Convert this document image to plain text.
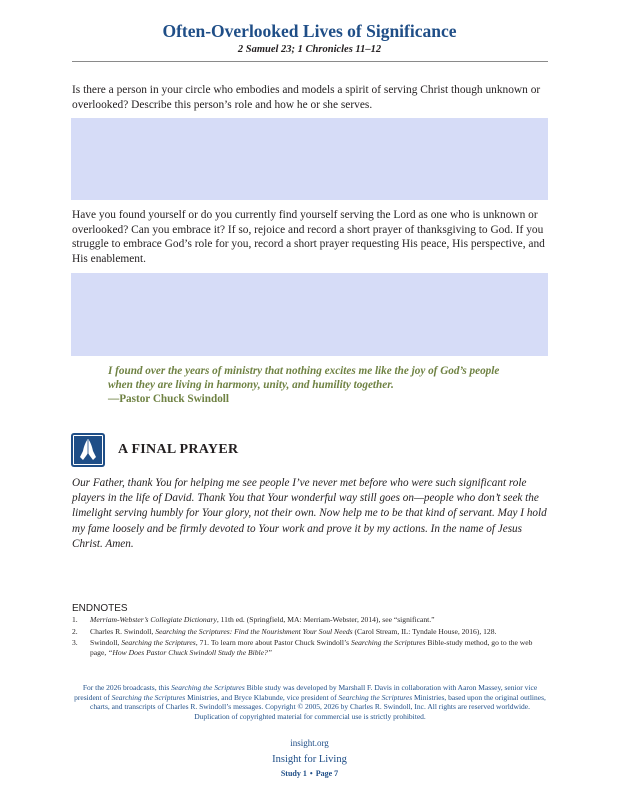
Often-Overlooked Lives of Significance
2 Samuel 23; 1 Chronicles 11–12
Is there a person in your circle who embodies and models a spirit of serving Christ though unknown or overlooked? Describe this person’s role and how he or she serves.
Have you found yourself or do you currently find yourself serving the Lord as one who is unknown or overlooked? Can you embrace it? If so, rejoice and record a short prayer of thanksgiving to God. If you struggle to embrace God’s role for you, record a short prayer requesting His peace, His perspective, and His enablement.
I found over the years of ministry that nothing excites me like the joy of God’s people when they are living in harmony, unity, and humility together.
—Pastor Chuck Swindoll
A FINAL PRAYER
Our Father, thank You for helping me see people I’ve never met before who were such significant role players in the life of David. Thank You that Your wonderful way still goes on—people who don’t seek the limelight serving humbly for Your glory, not their own. Now help me to be that kind of servant. May I hold my fame loosely and be firmly devoted to Your work and prove it by my actions. In the name of Jesus Christ. Amen.
ENDNOTES
1. Merriam-Webster’s Collegiate Dictionary, 11th ed. (Springfield, MA: Merriam-Webster, 2014), see “significant.”
2. Charles R. Swindoll, Searching the Scriptures: Find the Nourishment Your Soul Needs (Carol Stream, IL: Tyndale House, 2016), 128.
3. Swindoll, Searching the Scriptures, 71. To learn more about Pastor Chuck Swindoll’s Searching the Scriptures Bible-study method, go to the web page, “How Does Pastor Chuck Swindoll Study the Bible?”
For the 2026 broadcasts, this Searching the Scriptures Bible study was developed by Marshall F. Davis in collaboration with Aaron Massey, senior vice president of Searching the Scriptures Ministries, and Bryce Klabunde, vice president of Searching the Scriptures Ministries, based upon the original outlines, charts, and transcripts of Charles R. Swindoll’s messages. Copyright © 2005, 2026 by Charles R. Swindoll, Inc. All rights are reserved worldwide. Duplication of copyrighted material for commercial use is strictly prohibited.
insight.org
Insight for Living
Study 1 • Page 7
